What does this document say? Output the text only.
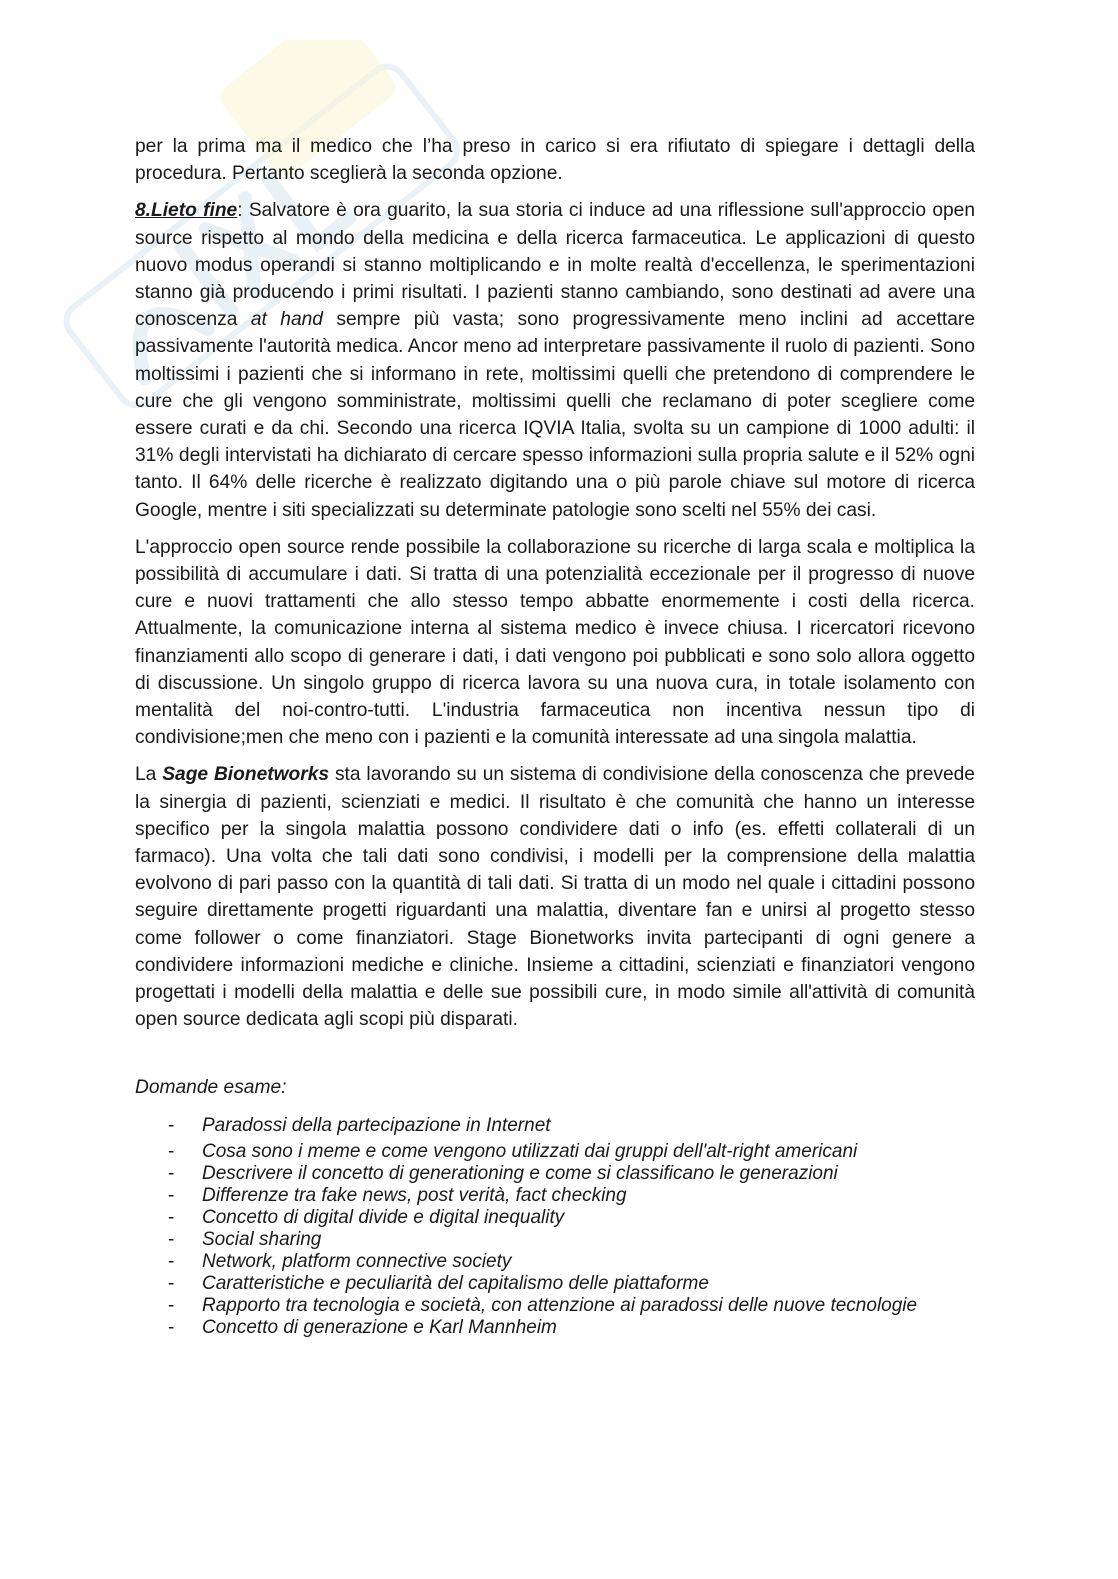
per la prima ma il medico che l’ha preso in carico si era rifiutato di spiegare i dettagli della procedura. Pertanto sceglierà la seconda opzione.

8.Lieto fine: Salvatore è ora guarito, la sua storia ci induce ad una riflessione sull'approccio open source rispetto al mondo della medicina e della ricerca farmaceutica. Le applicazioni di questo nuovo modus operandi si stanno moltiplicando e in molte realtà d'eccellenza, le sperimentazioni stanno già producendo i primi risultati. I pazienti stanno cambiando, sono destinati ad avere una conoscenza at hand sempre più vasta; sono progressivamente meno inclini ad accettare passivamente l'autorità medica. Ancor meno ad interpretare passivamente il ruolo di pazienti. Sono moltissimi i pazienti che si informano in rete, moltissimi quelli che pretendono di comprendere le cure che gli vengono somministrate, moltissimi quelli che reclamano di poter scegliere come essere curati e da chi. Secondo una ricerca IQVIA Italia, svolta su un campione di 1000 adulti: il 31% degli intervistati ha dichiarato di cercare spesso informazioni sulla propria salute e il 52% ogni tanto. Il 64% delle ricerche è realizzato digitando una o più parole chiave sul motore di ricerca Google, mentre i siti specializzati su determinate patologie sono scelti nel 55% dei casi.

L'approccio open source rende possibile la collaborazione su ricerche di larga scala e moltiplica la possibilità di accumulare i dati. Si tratta di una potenzialità eccezionale per il progresso di nuove cure e nuovi trattamenti che allo stesso tempo abbatte enormemente i costi della ricerca. Attualmente, la comunicazione interna al sistema medico è invece chiusa. I ricercatori ricevono finanziamenti allo scopo di generare i dati, i dati vengono poi pubblicati e sono solo allora oggetto di discussione. Un singolo gruppo di ricerca lavora su una nuova cura, in totale isolamento con mentalità del noi-contro-tutti. L'industria farmaceutica non incentiva nessun tipo di condivisione;men che meno con i pazienti e la comunità interessate ad una singola malattia.

La Sage Bionetworks sta lavorando su un sistema di condivisione della conoscenza che prevede la sinergia di pazienti, scienziati e medici. Il risultato è che comunità che hanno un interesse specifico per la singola malattia possono condividere dati o info (es. effetti collaterali di un farmaco). Una volta che tali dati sono condivisi, i modelli per la comprensione della malattia evolvono di pari passo con la quantità di tali dati. Si tratta di un modo nel quale i cittadini possono seguire direttamente progetti riguardanti una malattia, diventare fan e unirsi al progetto stesso come follower o come finanziatori. Stage Bionetworks invita partecipanti di ogni genere a condividere informazioni mediche e cliniche. Insieme a cittadini, scienziati e finanziatori vengono progettati i modelli della malattia e delle sue possibili cure, in modo simile all'attività di comunità open source dedicata agli scopi più disparati.

Domande esame:

- Paradossi della partecipazione in Internet
- Cosa sono i meme e come vengono utilizzati dai gruppi dell'alt-right americani
- Descrivere il concetto di generationing e come si classificano le generazioni
- Differenze tra fake news, post verità, fact checking
- Concetto di digital divide e digital inequality
- Social sharing
- Network, platform connective society
- Caratteristiche e peculiarità del capitalismo delle piattaforme
- Rapporto tra tecnologia e società, con attenzione ai paradossi delle nuove tecnologie
- Concetto di generazione e Karl Mannheim
